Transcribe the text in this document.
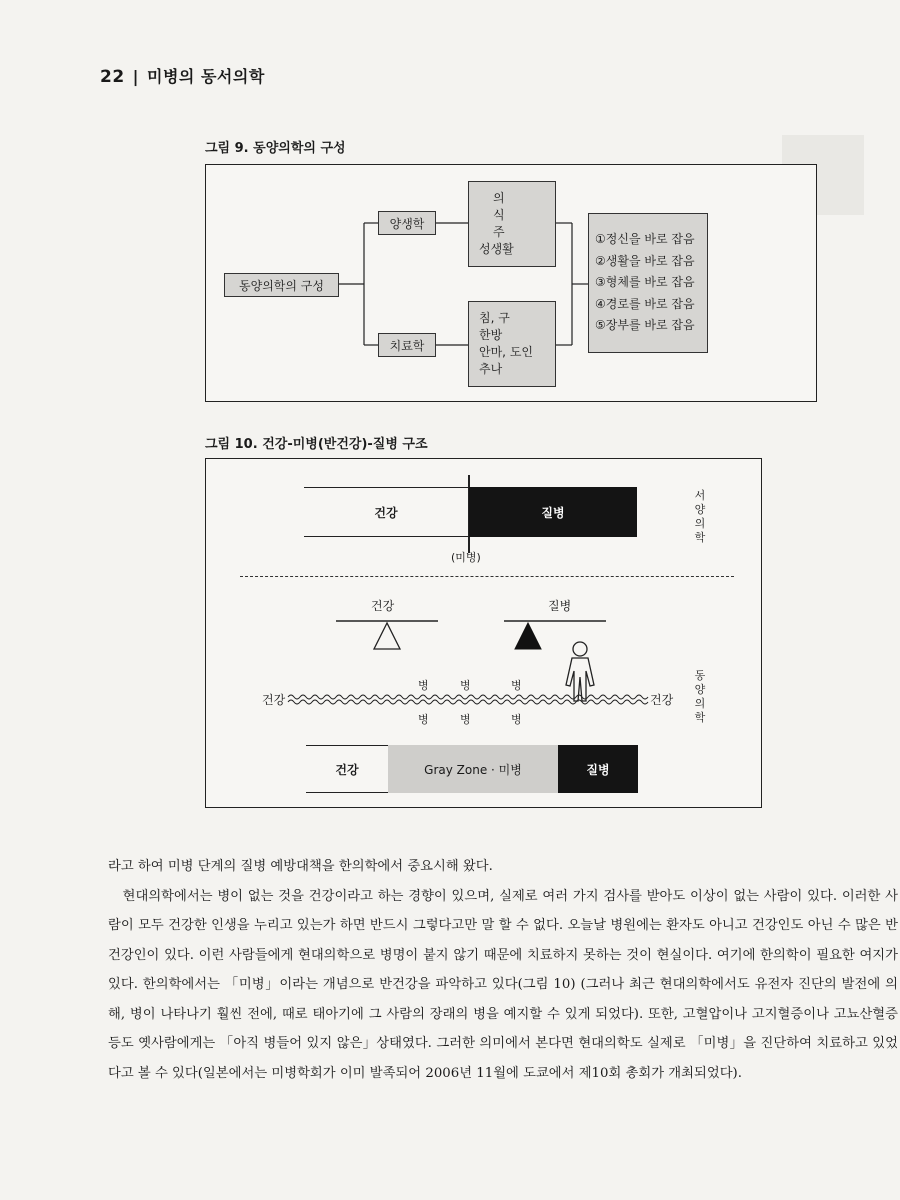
22 | 미병의 동서의학
그림 9. 동양의학의 구성
동양의학의 구성
양생학
치료학
의
식
주
성생활
침, 구
한방
안마, 도인
추나
①정신을 바로 잡음
②생활을 바로 잡음
③형체를 바로 잡음
④경로를 바로 잡음
⑤장부를 바로 잡음
그림 10. 건강-미병(반건강)-질병 구조
건강	질병
(미병)
서
양
의
학
건강	질병
건강	건강
병	병	병
병	병	병
동
양
의
학
건강	Gray Zone · 미병	질병

라고 하여 미병 단계의 질병 예방대책을 한의학에서 중요시해 왔다.

현대의학에서는 병이 없는 것을 건강이라고 하는 경향이 있으며, 실제로 여러 가지 검사를 받아도 이상이 없는 사람이 있다. 이러한 사람이 모두 건강한 인생을 누리고 있는가 하면 반드시 그렇다고만 말 할 수 없다. 오늘날 병원에는 환자도 아니고 건강인도 아닌 수 많은 반건강인이 있다. 이런 사람들에게 현대의학으로 병명이 붙지 않기 때문에 치료하지 못하는 것이 현실이다. 여기에 한의학이 필요한 여지가 있다. 한의학에서는 「미병」이라는 개념으로 반건강을 파악하고 있다(그림 10) (그러나 최근 현대의학에서도 유전자 진단의 발전에 의해, 병이 나타나기 훨씬 전에, 때로 태아기에 그 사람의 장래의 병을 예지할 수 있게 되었다). 또한, 고혈압이나 고지혈증이나 고뇨산혈증 등도 옛사람에게는 「아직 병들어 있지 않은」상태였다. 그러한 의미에서 본다면 현대의학도 실제로 「미병」을 진단하여 치료하고 있었다고 볼 수 있다(일본에서는 미병학회가 이미 발족되어 2006년 11월에 도쿄에서 제10회 총회가 개최되었다).
